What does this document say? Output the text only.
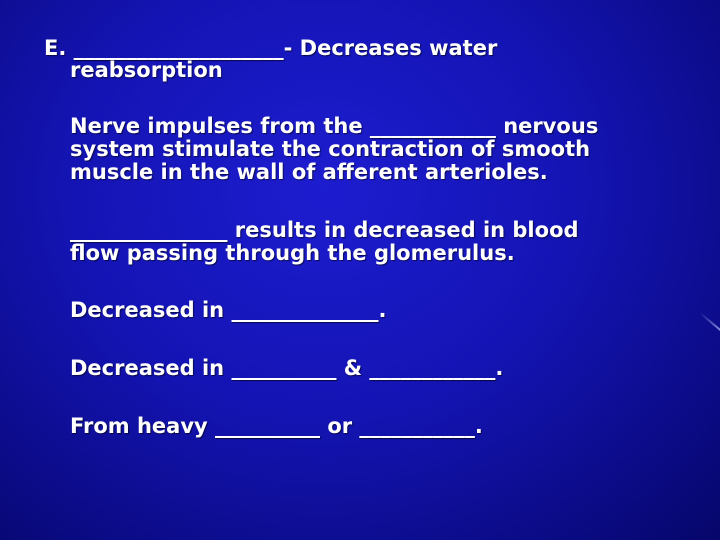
E. ____________________- Decreases water
reabsorption
Nerve impulses from the ____________ nervous
system stimulate the contraction of smooth
muscle in the wall of afferent arterioles.
_______________ results in decreased in blood
flow passing through the glomerulus.
Decreased in ______________.
Decreased in __________ & ____________.
From heavy __________ or ___________.
